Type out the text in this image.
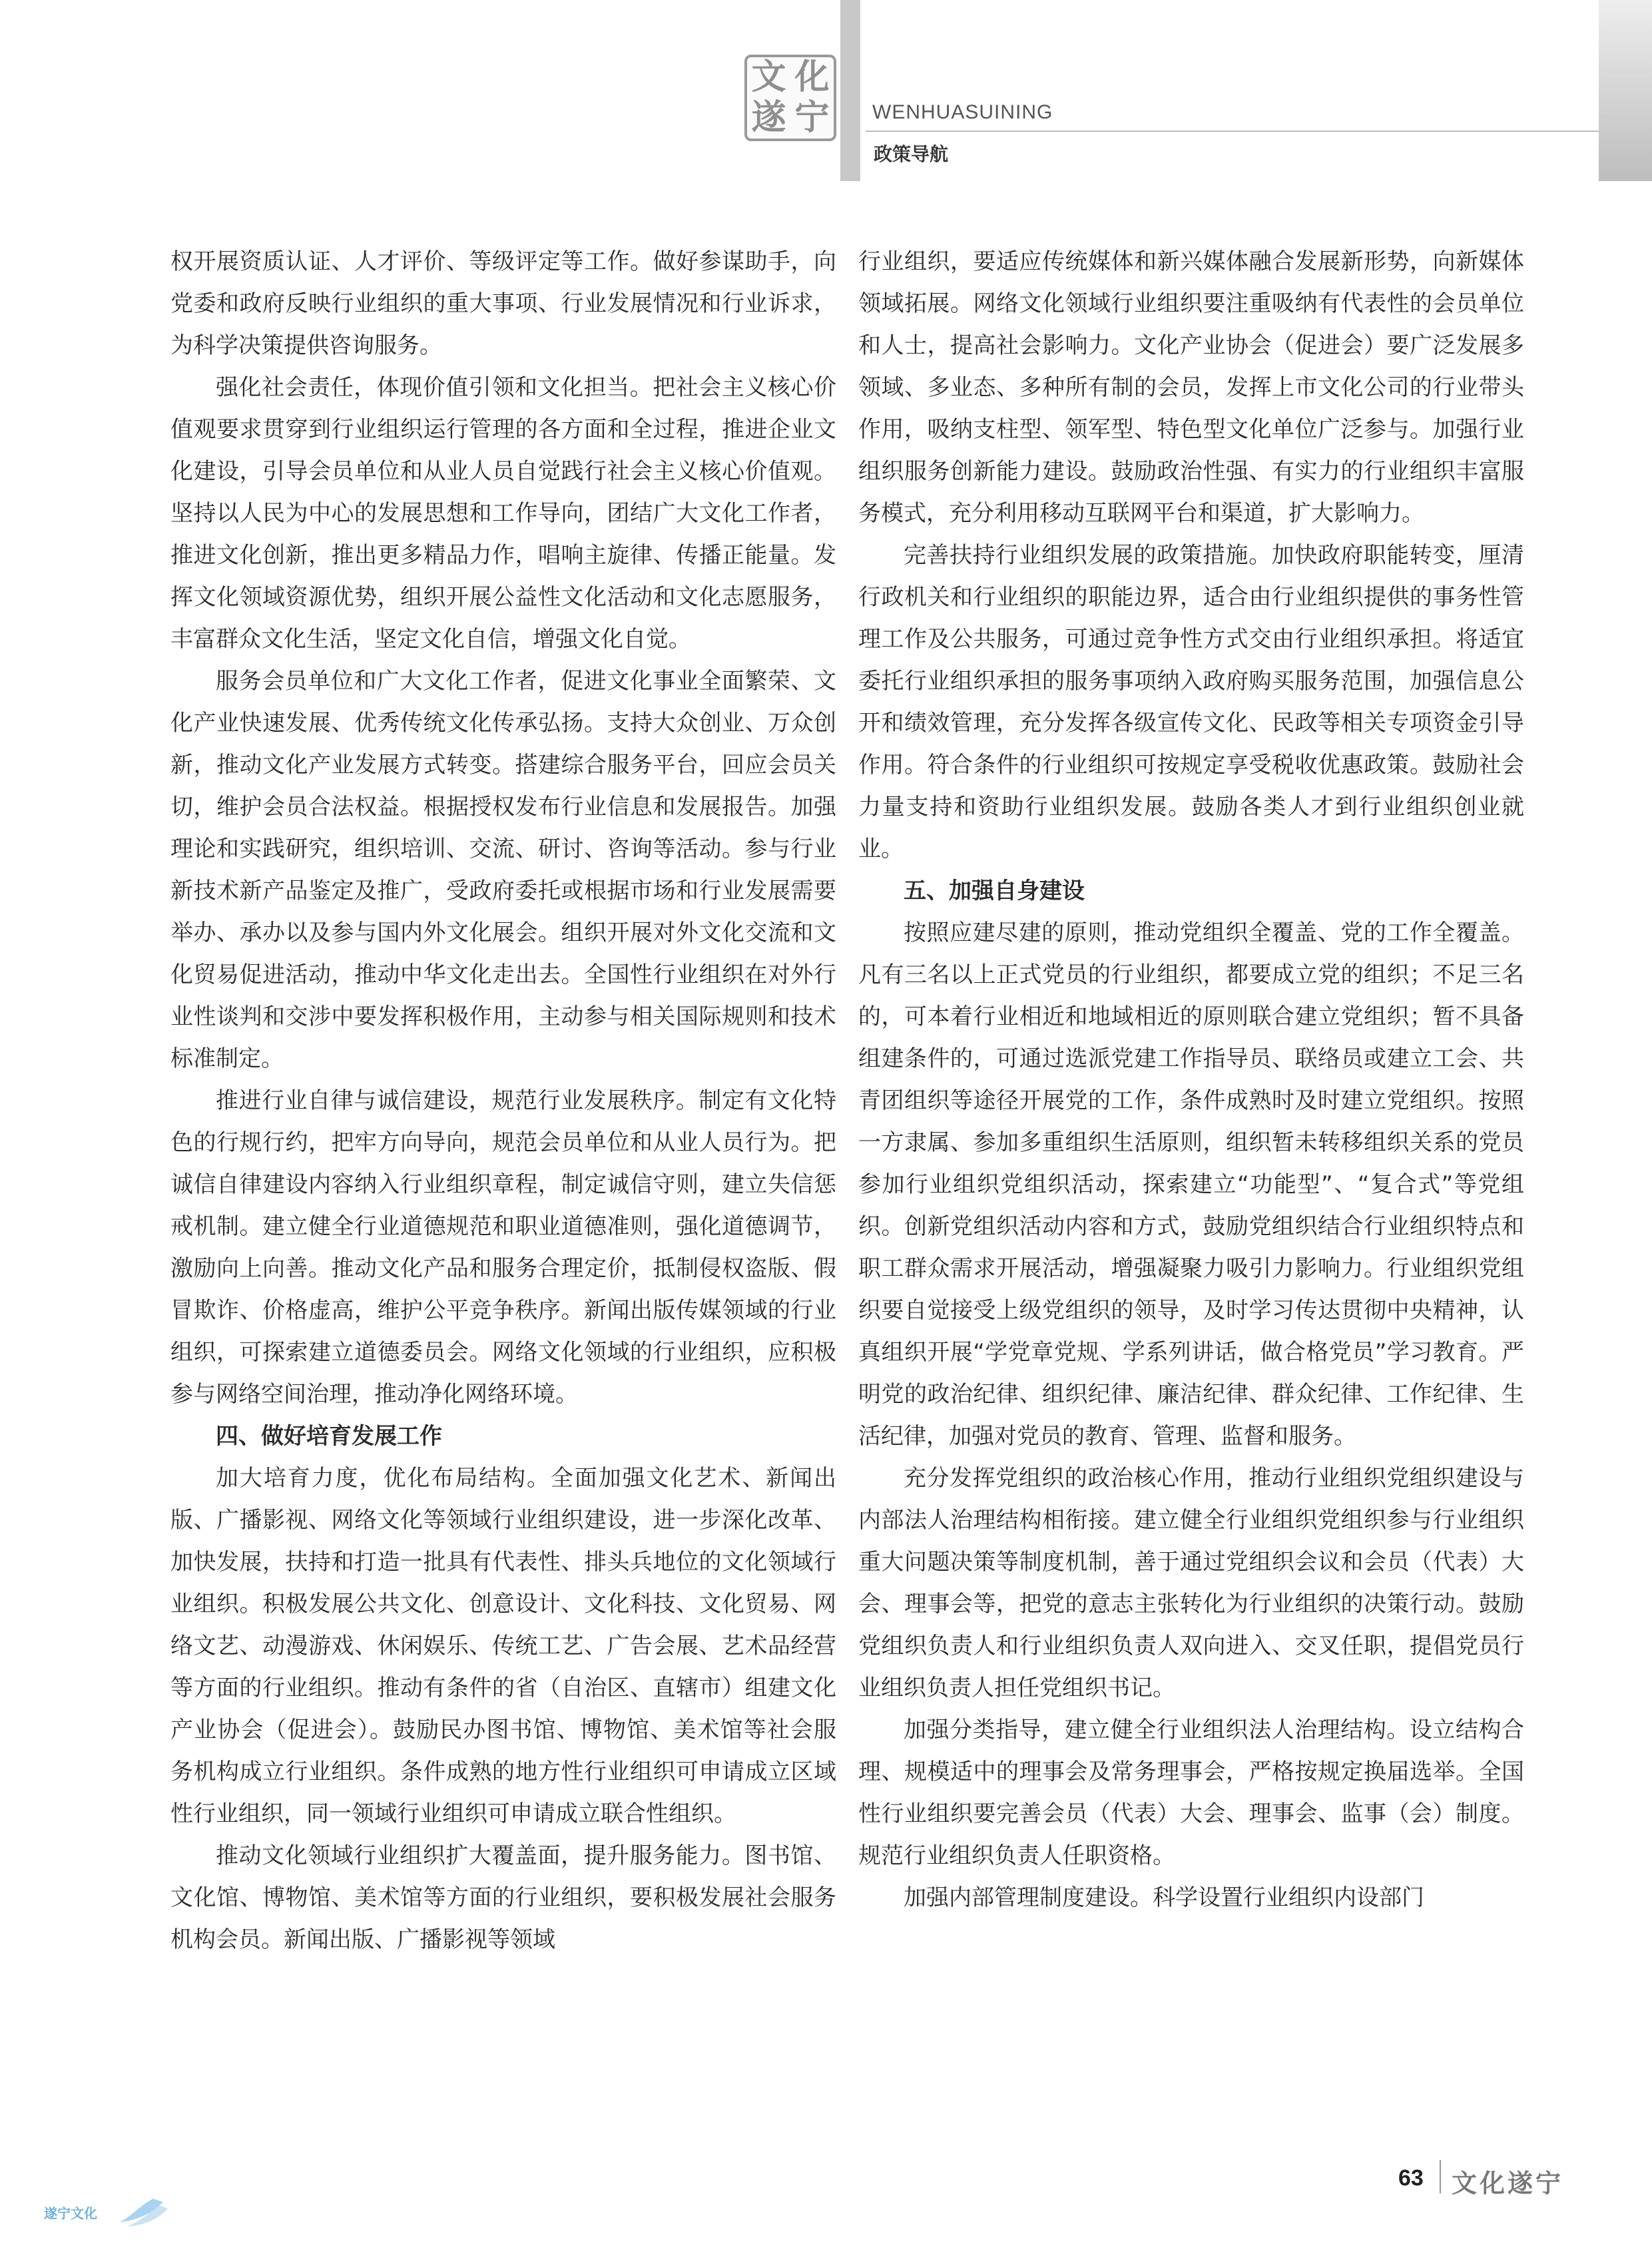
文 化
遂 宁 WENHUASUINING
政策导航

权开展资质认证、人才评价、等级评定等工作。做好参谋助手，向党委和政府反映行业组织的重大事项、行业发展情况和行业诉求，为科学决策提供咨询服务。

强化社会责任，体现价值引领和文化担当。把社会主义核心价值观要求贯穿到行业组织运行管理的各方面和全过程，推进企业文化建设，引导会员单位和从业人员自觉践行社会主义核心价值观。坚持以人民为中心的发展思想和工作导向，团结广大文化工作者，推进文化创新，推出更多精品力作，唱响主旋律、传播正能量。发挥文化领域资源优势，组织开展公益性文化活动和文化志愿服务，丰富群众文化生活，坚定文化自信，增强文化自觉。

服务会员单位和广大文化工作者，促进文化事业全面繁荣、文化产业快速发展、优秀传统文化传承弘扬。支持大众创业、万众创新，推动文化产业发展方式转变。搭建综合服务平台，回应会员关切，维护会员合法权益。根据授权发布行业信息和发展报告。加强理论和实践研究，组织培训、交流、研讨、咨询等活动。参与行业新技术新产品鉴定及推广，受政府委托或根据市场和行业发展需要举办、承办以及参与国内外文化展会。组织开展对外文化交流和文化贸易促进活动，推动中华文化走出去。全国性行业组织在对外行业性谈判和交涉中要发挥积极作用，主动参与相关国际规则和技术标准制定。

推进行业自律与诚信建设，规范行业发展秩序。制定有文化特色的行规行约，把牢方向导向，规范会员单位和从业人员行为。把诚信自律建设内容纳入行业组织章程，制定诚信守则，建立失信惩戒机制。建立健全行业道德规范和职业道德准则，强化道德调节，激励向上向善。推动文化产品和服务合理定价，抵制侵权盗版、假冒欺诈、价格虚高，维护公平竞争秩序。新闻出版传媒领域的行业组织，可探索建立道德委员会。网络文化领域的行业组织，应积极参与网络空间治理，推动净化网络环境。

四、做好培育发展工作

加大培育力度，优化布局结构。全面加强文化艺术、新闻出版、广播影视、网络文化等领域行业组织建设，进一步深化改革、加快发展，扶持和打造一批具有代表性、排头兵地位的文化领域行业组织。积极发展公共文化、创意设计、文化科技、文化贸易、网络文艺、动漫游戏、休闲娱乐、传统工艺、广告会展、艺术品经营等方面的行业组织。推动有条件的省（自治区、直辖市）组建文化产业协会（促进会）。鼓励民办图书馆、博物馆、美术馆等社会服务机构成立行业组织。条件成熟的地方性行业组织可申请成立区域性行业组织，同一领域行业组织可申请成立联合性组织。

推动文化领域行业组织扩大覆盖面，提升服务能力。图书馆、文化馆、博物馆、美术馆等方面的行业组织，要积极发展社会服务机构会员。新闻出版、广播影视等领域

行业组织，要适应传统媒体和新兴媒体融合发展新形势，向新媒体领域拓展。网络文化领域行业组织要注重吸纳有代表性的会员单位和人士，提高社会影响力。文化产业协会（促进会）要广泛发展多领域、多业态、多种所有制的会员，发挥上市文化公司的行业带头作用，吸纳支柱型、领军型、特色型文化单位广泛参与。加强行业组织服务创新能力建设。鼓励政治性强、有实力的行业组织丰富服务模式，充分利用移动互联网平台和渠道，扩大影响力。

完善扶持行业组织发展的政策措施。加快政府职能转变，厘清行政机关和行业组织的职能边界，适合由行业组织提供的事务性管理工作及公共服务，可通过竞争性方式交由行业组织承担。将适宜委托行业组织承担的服务事项纳入政府购买服务范围，加强信息公开和绩效管理，充分发挥各级宣传文化、民政等相关专项资金引导作用。符合条件的行业组织可按规定享受税收优惠政策。鼓励社会力量支持和资助行业组织发展。鼓励各类人才到行业组织创业就业。

五、加强自身建设

按照应建尽建的原则，推动党组织全覆盖、党的工作全覆盖。凡有三名以上正式党员的行业组织，都要成立党的组织；不足三名的，可本着行业相近和地域相近的原则联合建立党组织；暂不具备组建条件的，可通过选派党建工作指导员、联络员或建立工会、共青团组织等途径开展党的工作，条件成熟时及时建立党组织。按照一方隶属、参加多重组织生活原则，组织暂未转移组织关系的党员参加行业组织党组织活动，探索建立“功能型”、“复合式”等党组织。创新党组织活动内容和方式，鼓励党组织结合行业组织特点和职工群众需求开展活动，增强凝聚力吸引力影响力。行业组织党组织要自觉接受上级党组织的领导，及时学习传达贯彻中央精神，认真组织开展“学党章党规、学系列讲话，做合格党员”学习教育。严明党的政治纪律、组织纪律、廉洁纪律、群众纪律、工作纪律、生活纪律，加强对党员的教育、管理、监督和服务。

充分发挥党组织的政治核心作用，推动行业组织党组织建设与内部法人治理结构相衔接。建立健全行业组织党组织参与行业组织重大问题决策等制度机制，善于通过党组织会议和会员（代表）大会、理事会等，把党的意志主张转化为行业组织的决策行动。鼓励党组织负责人和行业组织负责人双向进入、交叉任职，提倡党员行业组织负责人担任党组织书记。

加强分类指导，建立健全行业组织法人治理结构。设立结构合理、规模适中的理事会及常务理事会，严格按规定换届选举。全国性行业组织要完善会员（代表）大会、理事会、监事（会）制度。规范行业组织负责人任职资格。

加强内部管理制度建设。科学设置行业组织内设部门

63 文化遂宁
遂宁文化
